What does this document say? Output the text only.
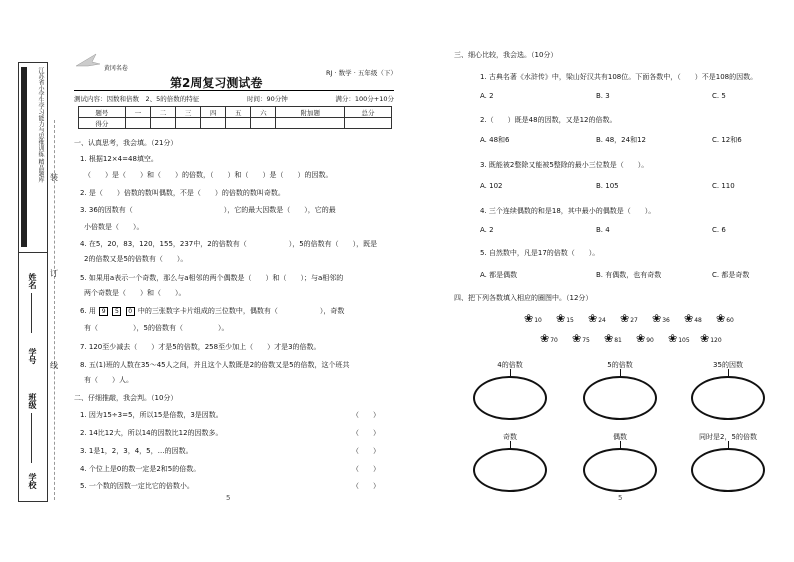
江苏省小学生学习能力与思维训练 精品题库
姓名
学号
班级
学校
装
订
线
黄冈名卷
第2周复习测试卷
RJ · 数学 · 五年级（下）
测试内容：因数和倍数　2、5的倍数的特征	时间：90分钟	满分：100分+10分
题号	一	二	三	四	五	六	附加题	总分
得分								
一、认真思考，我会填。（21分）
1. 根据12×4=48填空。
（　　）是（　　）和（　　）的倍数，（　　）和（　　）是（　　）的因数。
2. 是（　　）倍数的数叫偶数，不是（　　）的倍数的数叫奇数。
3. 36的因数有（　　　　　　　　　　　　　），它的最大因数是（　　），它的最
小倍数是（　　）。
4. 在5，20，83，120，155，237中，2的倍数有（　　　　　　），5的倍数有（　　），既是
2的倍数又是5的倍数有（　　）。
5. 如果用a表示一个奇数，那么与a相邻的两个偶数是（　　）和（　　）；与a相邻的
两个奇数是（　　）和（　　）。
6. 用 9 5 0 中的三张数字卡片组成的三位数中，偶数有（　　　　　　），奇数
有（　　　　　），5的倍数有（　　　　　）。
7. 120至少减去（　　）才是5的倍数，258至少加上（　　）才是3的倍数。
8. 五(1)班的人数在35～45人之间，并且这个人数既是2的倍数又是5的倍数，这个班共
有（　　）人。
二、仔细推敲，我会判。（10分）
1. 因为15÷3=5，所以15是倍数，3是因数。	（　　）
2. 14比12大，所以14的因数比12的因数多。	（　　）
3. 1是1，2，3，4，5，…的因数。	（　　）
4. 个位上是0的数一定是2和5的倍数。	（　　）
5. 一个数的因数一定比它的倍数小。	（　　）
5
三、细心比较，我会选。（10分）
1. 古典名著《水浒传》中，梁山好汉共有108位。下面各数中，（　　）不是108的因数。
A. 2	B. 3	C. 5
2.（　　）既是48的因数，又是12的倍数。
A. 48和6	B. 48，24和12	C. 12和6
3. 既能被2整除又能被5整除的最小三位数是（　　）。
A. 102	B. 105	C. 110
4. 三个连续偶数的和是18，其中最小的偶数是（　　）。
A. 2	B. 4	C. 6
5. 自然数中，凡是17的倍数（　　）。
A. 都是偶数	B. 有偶数，也有奇数	C. 都是奇数
四、把下列各数填入相应的圈图中。（12分）
❀10 ❀15 ❀24 ❀27 ❀36 ❀48 ❀60
❀70 ❀75 ❀81 ❀90 ❀105 ❀120
4的倍数	5的倍数	35的因数
奇数	偶数	同时是2，5的倍数
5
